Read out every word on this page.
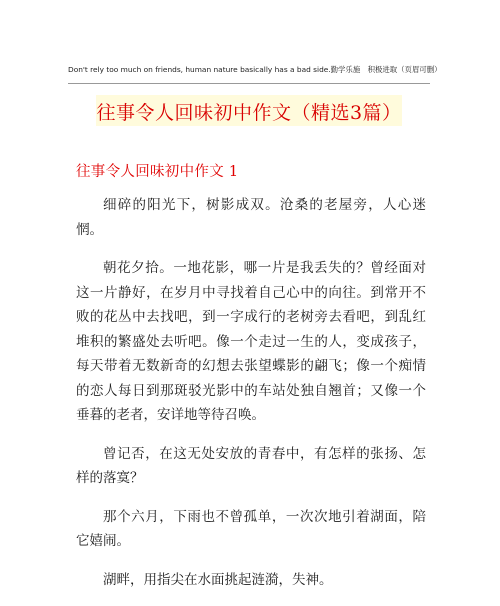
Don't rely too much on friends, human nature basically has a bad side.勤学乐施　积极进取（页眉可删）
往事令人回味初中作文（精选3篇）
往事令人回味初中作文 1

细碎的阳光下，树影成双。沧桑的老屋旁，人心迷惘。

朝花夕拾。一地花影，哪一片是我丢失的？曾经面对这一片静好，在岁月中寻找着自己心中的向往。到常开不败的花丛中去找吧，到一字成行的老树旁去看吧，到乱红堆积的繁盛处去听吧。像一个走过一生的人，变成孩子，每天带着无数新奇的幻想去张望蝶影的翩飞；像一个痴情的恋人每日到那斑驳光影中的车站处独自翘首；又像一个垂暮的老者，安详地等待召唤。

曾记否，在这无处安放的青春中，有怎样的张扬、怎样的落寞？

那个六月，下雨也不曾孤单，一次次地引着湖面，陪它嬉闹。

湖畔，用指尖在水面挑起涟漪，失神。
